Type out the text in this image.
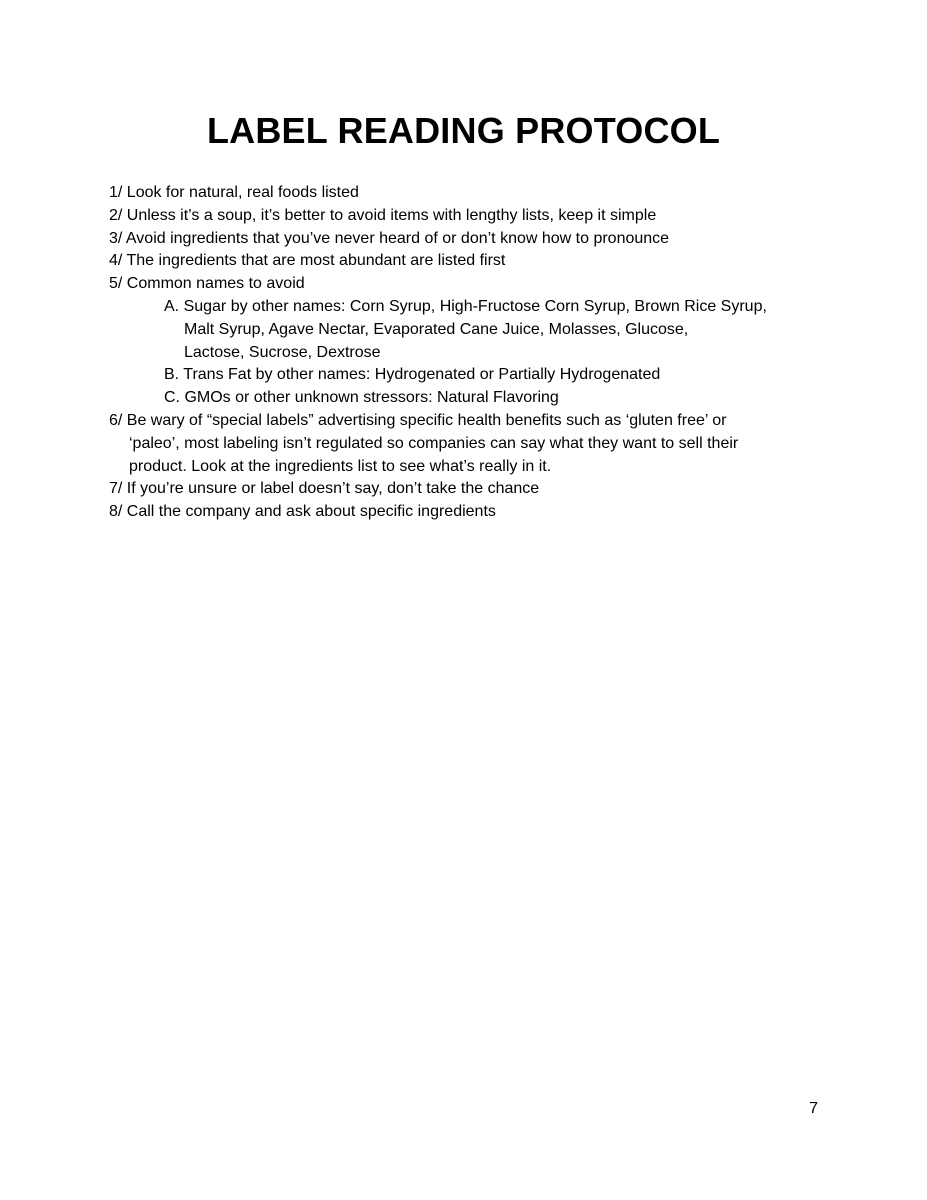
LABEL READING PROTOCOL

1/ Look for natural, real foods listed

2/ Unless it’s a soup, it’s better to avoid items with lengthy lists, keep it simple

3/ Avoid ingredients that you’ve never heard of or don’t know how to pronounce

4/ The ingredients that are most abundant are listed first

5/ Common names to avoid

A. Sugar by other names: Corn Syrup, High-Fructose Corn Syrup, Brown Rice Syrup,

Malt Syrup, Agave Nectar, Evaporated Cane Juice, Molasses, Glucose,

Lactose, Sucrose, Dextrose

B. Trans Fat by other names: Hydrogenated or Partially Hydrogenated

C. GMOs or other unknown stressors: Natural Flavoring

6/ Be wary of “special labels” advertising specific health benefits such as ‘gluten free’ or

‘paleo’, most labeling isn’t regulated so companies can say what they want to sell their

product. Look at the ingredients list to see what’s really in it.

7/ If you’re unsure or label doesn’t say, don’t take the chance

8/ Call the company and ask about specific ingredients

7
